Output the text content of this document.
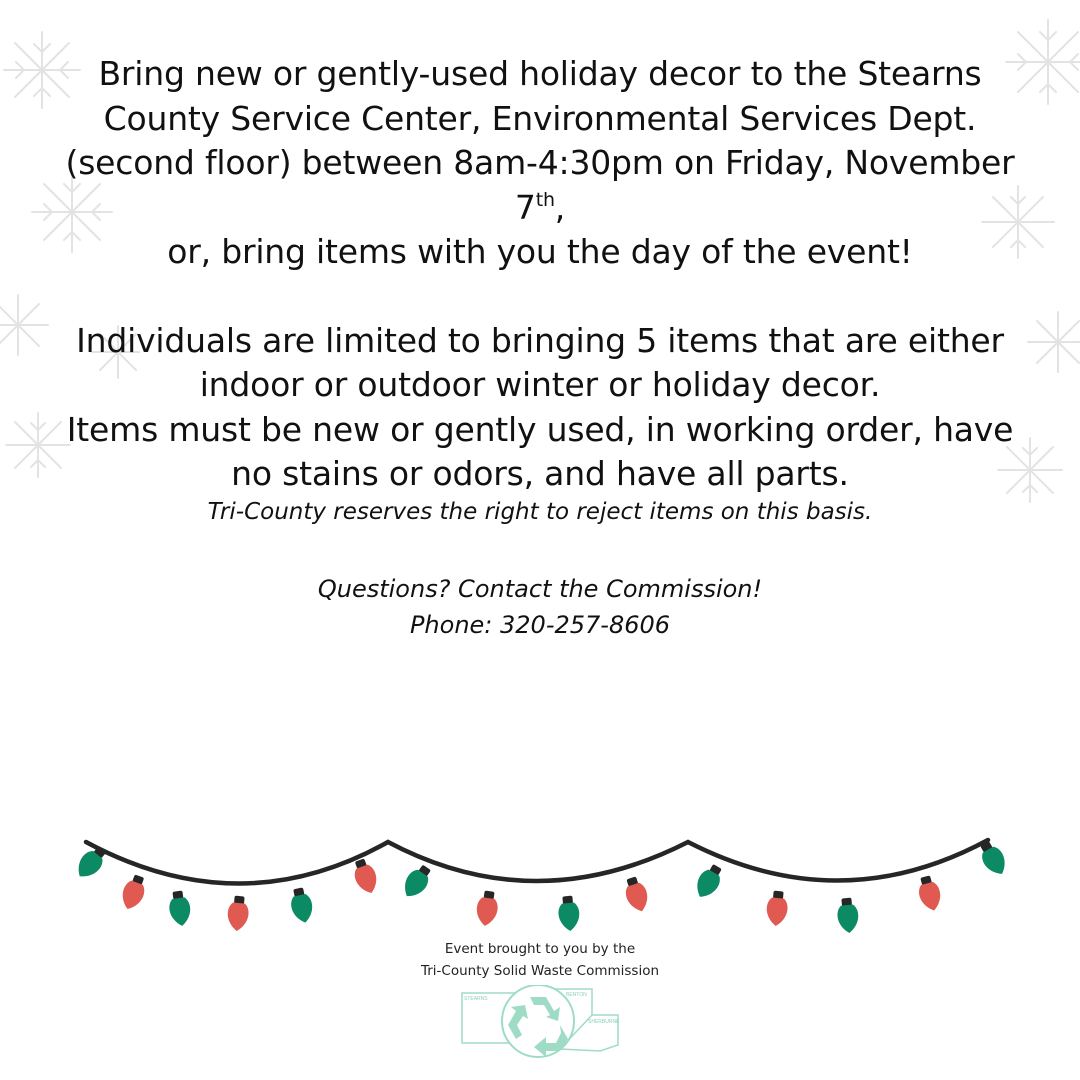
Bring new or gently-used holiday decor to the Stearns County Service Center, Environmental Services Dept. (second floor) between 8am-4:30pm on Friday, November 7th,
or, bring items with you the day of the event!

Individuals are limited to bringing 5 items that are either indoor or outdoor winter or holiday decor.

Items must be new or gently used, in working order, have no stains or odors, and have all parts.

Tri-County reserves the right to reject items on this basis.

Questions? Contact the Commission!

Phone: 320-257-8606

Event brought to you by the

Tri-County Solid Waste Commission

STEARNS
BENTON
SHERBURNE
